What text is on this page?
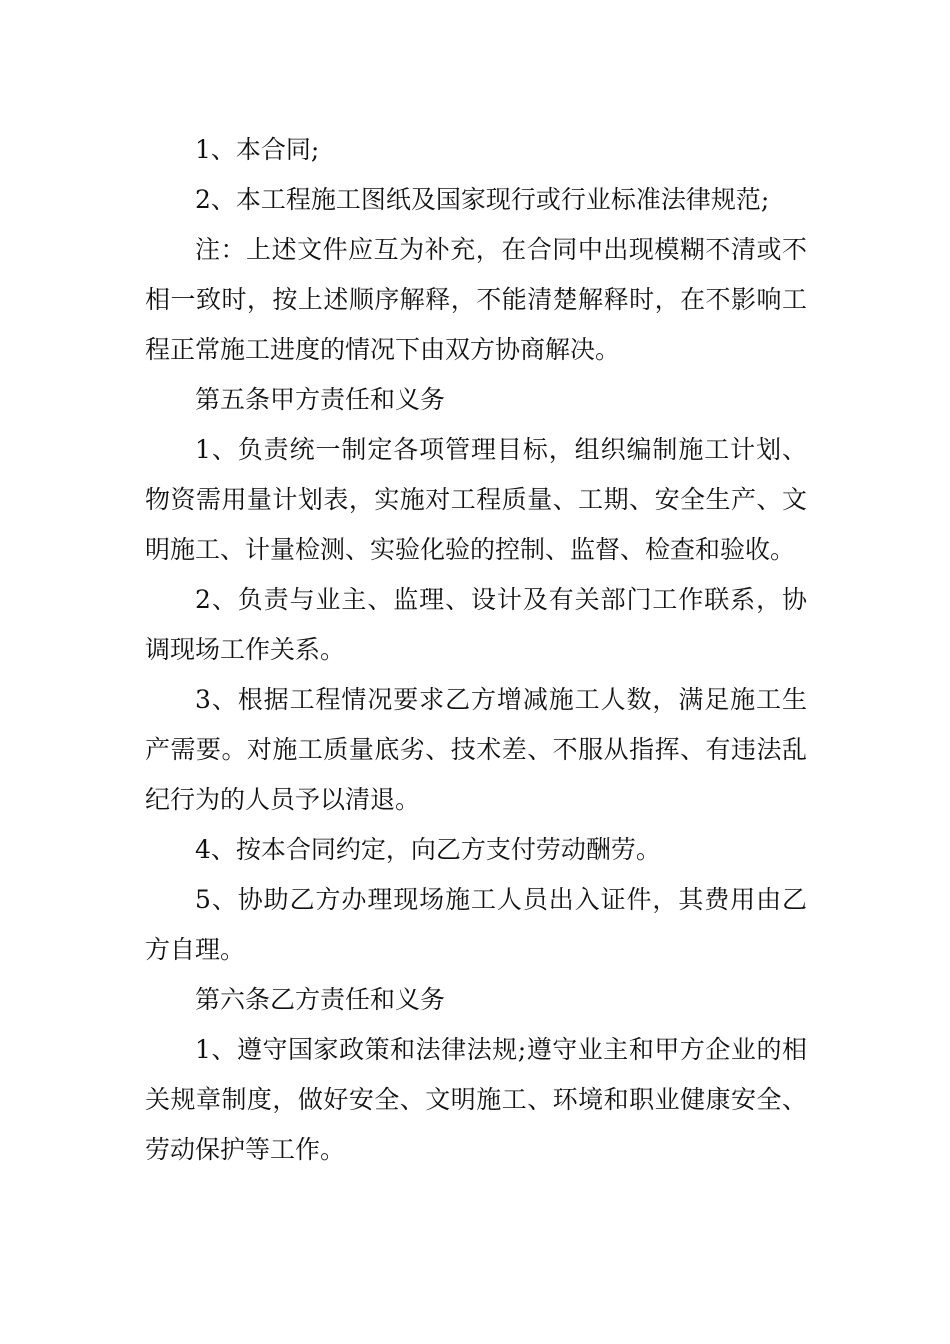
1、本合同;

2、本工程施工图纸及国家现行或行业标准法律规范;

注：上述文件应互为补充，在合同中出现模糊不清或不相一致时，按上述顺序解释，不能清楚解释时，在不影响工程正常施工进度的情况下由双方协商解决。

第五条甲方责任和义务

1、负责统一制定各项管理目标，组织编制施工计划、物资需用量计划表，实施对工程质量、工期、安全生产、文明施工、计量检测、实验化验的控制、监督、检查和验收。

2、负责与业主、监理、设计及有关部门工作联系，协调现场工作关系。

3、根据工程情况要求乙方增减施工人数，满足施工生产需要。对施工质量底劣、技术差、不服从指挥、有违法乱纪行为的人员予以清退。

4、按本合同约定，向乙方支付劳动酬劳。

5、协助乙方办理现场施工人员出入证件，其费用由乙方自理。

第六条乙方责任和义务

1、遵守国家政策和法律法规;遵守业主和甲方企业的相关规章制度，做好安全、文明施工、环境和职业健康安全、劳动保护等工作。
